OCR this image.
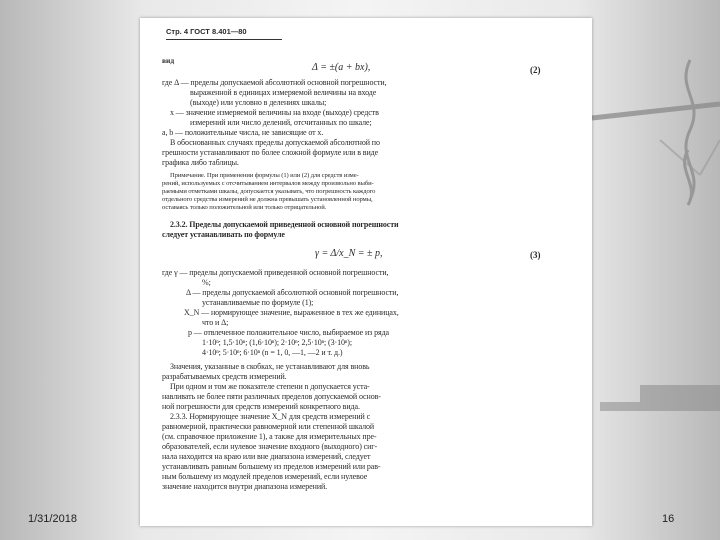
Стр. 4 ГОСТ 8.401—80
вид
Δ = ±(a + bx),	(2)
где Δ — пределы допускаемой абсолютной основной погрешности,
выраженной в единицах измеряемой величины на входе
(выходе) или условно в делениях шкалы;
x — значение измеряемой величины на входе (выходе) средств
измерений или число делений, отсчитанных по шкале;
a, b — положительные числа, не зависящие от x.
В обоснованных случаях пределы допускаемой абсолютной по
грешности устанавливают по более сложной формуле или в виде
графика либо таблицы.
Примечание. При применении формулы (1) или (2) для средств изме-
рений, используемых с отсчитыванием интервалов между произвольно выби-
раемыми отметками шкалы, допускается указывать, что погрешность каждого
отдельного средства измерений не должна превышать установленной нормы,
оставаясь только положительной или только отрицательной.
2.3.2. Пределы допускаемой приведенной основной погрешности
следует устанавливать по формуле
γ = Δ/x_N = ± p,	(3)
где γ — пределы допускаемой приведенной основной погрешности,
%;
Δ — пределы допускаемой абсолютной основной погрешности,
устанавливаемые по формуле (1);
X_N — нормирующее значение, выраженное в тех же единицах,
что и Δ;
p — отвлеченное положительное число, выбираемое из ряда
1·10ⁿ; 1,5·10ⁿ; (1,6·10ⁿ); 2·10ⁿ; 2,5·10ⁿ; (3·10ⁿ);
4·10ⁿ; 5·10ⁿ; 6·10ⁿ (n = 1, 0, —1, —2 и т. д.)
Значения, указанные в скобках, не устанавливают для вновь
разрабатываемых средств измерений.
При одном и том же показателе степени n допускается уста-
навливать не более пяти различных пределов допускаемой основ-
ной погрешности для средств измерений конкретного вида.
2.3.3. Нормирующее значение X_N для средств измерений с
равномерной, практически равномерной или степенной шкалой
(см. справочное приложение 1), а также для измерительных пре-
образователей, если нулевое значение входного (выходного) сиг-
нала находится на краю или вне диапазона измерений, следует
устанавливать равным большему из пределов измерений или рав-
ным большему из модулей пределов измерений, если нулевое
значение находится внутри диапазона измерений.
1/31/2018	16
